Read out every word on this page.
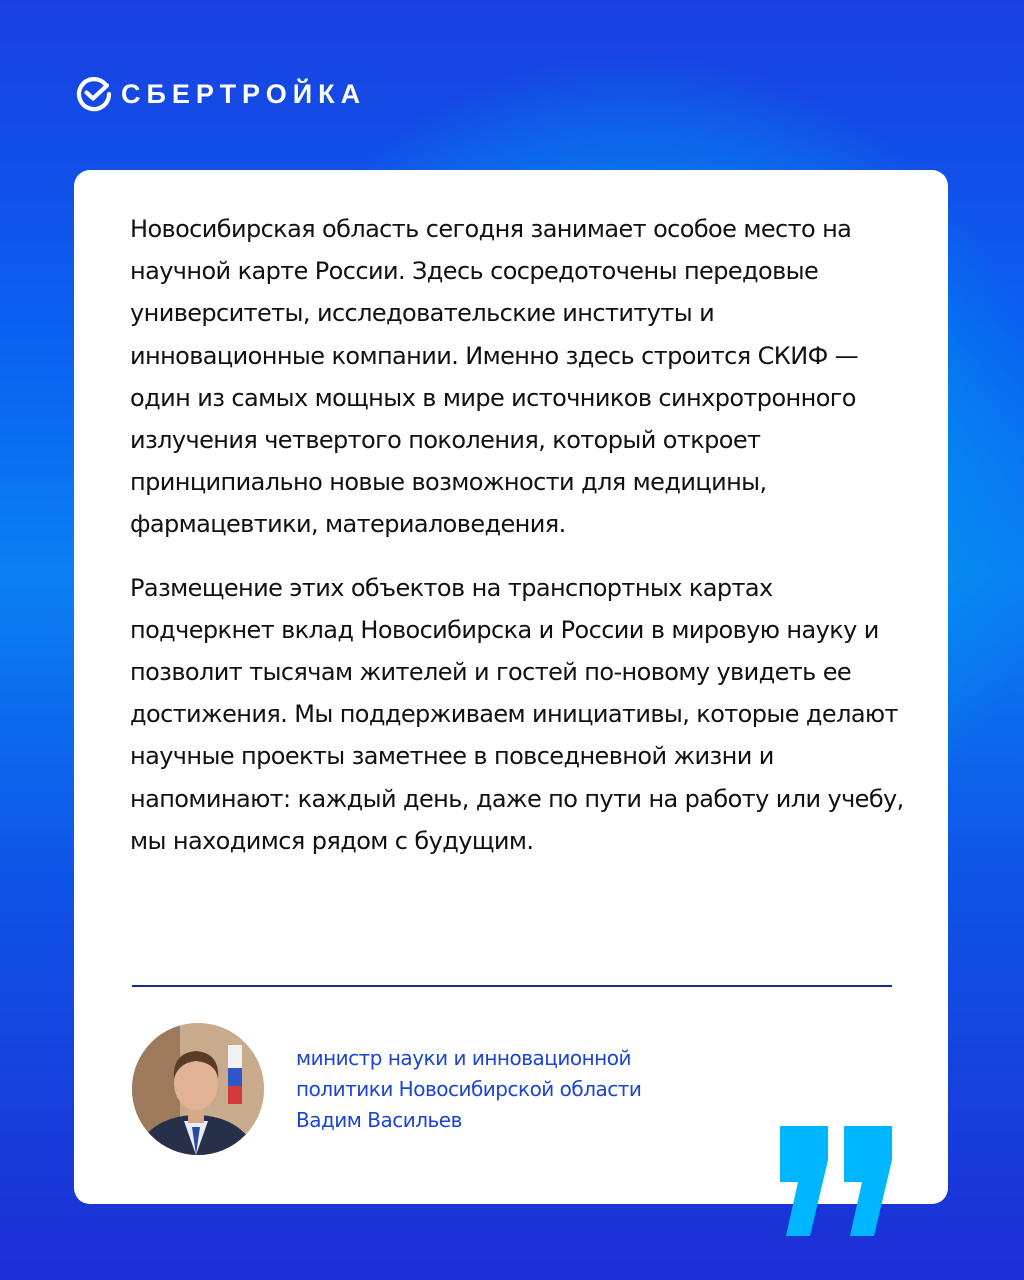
СБЕРТРОЙКА

Новосибирская область сегодня занимает особое место на научной карте России. Здесь сосредоточены передовые университеты, исследовательские институты и инновационные компании. Именно здесь строится СКИФ — один из самых мощных в мире источников синхротронного излучения четвертого поколения, который откроет принципиально новые возможности для медицины, фармацевтики, материаловедения.

Размещение этих объектов на транспортных картах подчеркнет вклад Новосибирска и России в мировую науку и позволит тысячам жителей и гостей по-новому увидеть ее достижения. Мы поддерживаем инициативы, которые делают научные проекты заметнее в повседневной жизни и напоминают: каждый день, даже по пути на работу или учебу, мы находимся рядом с будущим.

министр науки и инновационной
политики Новосибирской области
Вадим Васильев
